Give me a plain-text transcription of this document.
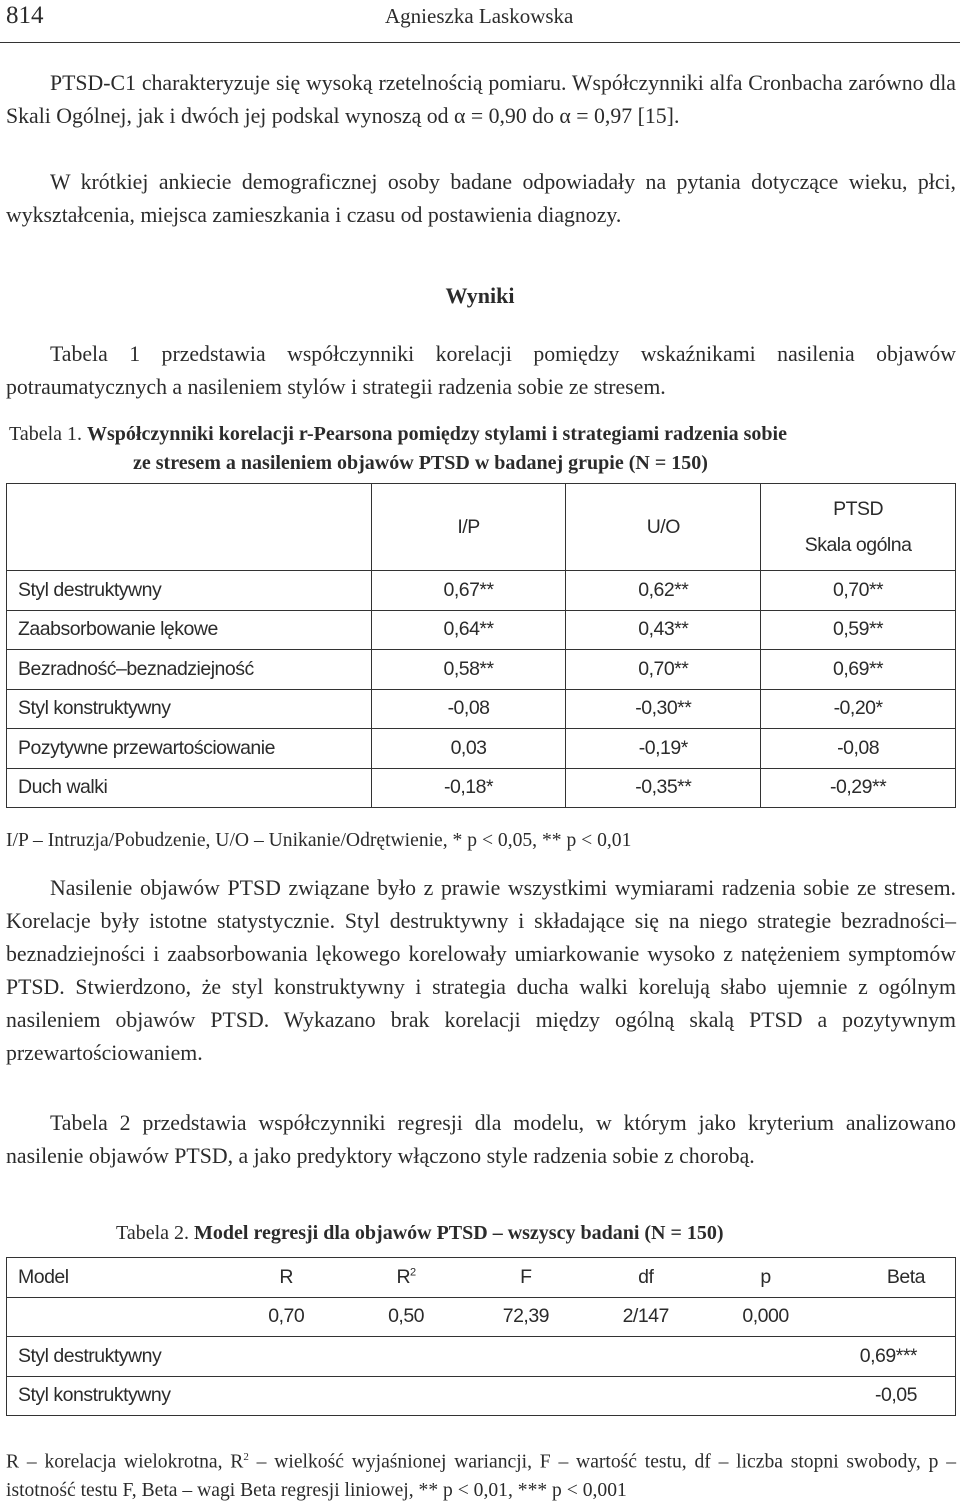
814	Agnieszka Laskowska
PTSD-C1 charakteryzuje się wysoką rzetelnością pomiaru. Współczynniki alfa Cronbacha zarówno dla Skali Ogólnej, jak i dwóch jej podskal wynoszą od α = 0,90 do α = 0,97 [15].
W krótkiej ankiecie demograficznej osoby badane odpowiadały na pytania dotyczące wieku, płci, wykształcenia, miejsca zamieszkania i czasu od postawienia diagnozy.
Wyniki
Tabela 1 przedstawia współczynniki korelacji pomiędzy wskaźnikami nasilenia objawów potraumatycznych a nasileniem stylów i strategii radzenia sobie ze stresem.
Tabela 1. Współczynniki korelacji r-Pearsona pomiędzy stylami i strategiami radzenia sobie
ze stresem a nasileniem objawów PTSD w badanej grupie (N = 150)
	I/P	U/O	PTSD
Skala ogólna

Styl destruktywny	0,67**	0,62**	0,70**
Zaabsorbowanie lękowe	0,64**	0,43**	0,59**
Bezradność–beznadziejność	0,58**	0,70**	0,69**
Styl konstruktywny	-0,08	-0,30**	-0,20*
Pozytywne przewartościowanie	0,03	-0,19*	-0,08
Duch walki	-0,18*	-0,35**	-0,29**
I/P – Intruzja/Pobudzenie, U/O – Unikanie/Odrętwienie, * p < 0,05, ** p < 0,01
Nasilenie objawów PTSD związane było z prawie wszystkimi wymiarami radzenia sobie ze stresem. Korelacje były istotne statystycznie. Styl destruktywny i składające się na niego strategie bezradności–beznadziejności i zaabsorbowania lękowego korelowały umiarkowanie wysoko z natężeniem symptomów PTSD. Stwierdzono, że styl konstruktywny i strategia ducha walki korelują słabo ujemnie z ogólnym nasileniem objawów PTSD. Wykazano brak korelacji między ogólną skalą PTSD a pozytywnym przewartościowaniem.
Tabela 2 przedstawia współczynniki regresji dla modelu, w którym jako kryterium analizowano nasilenie objawów PTSD, a jako predyktory włączono style radzenia sobie z chorobą.
Tabela 2. Model regresji dla objawów PTSD – wszyscy badani (N = 150)
Model	R	$R^2$	F	df	p	Beta
	0,70	0,50	72,39	2/147	0,000	
Styl destruktywny						0,69***
Styl konstruktywny						-0,05
R – korelacja wielokrotna, $R^2$ – wielkość wyjaśnionej wariancji, F – wartość testu, df – liczba stopni swobody, p – istotność testu F, Beta – wagi Beta regresji liniowej, ** p < 0,01, *** p < 0,001
